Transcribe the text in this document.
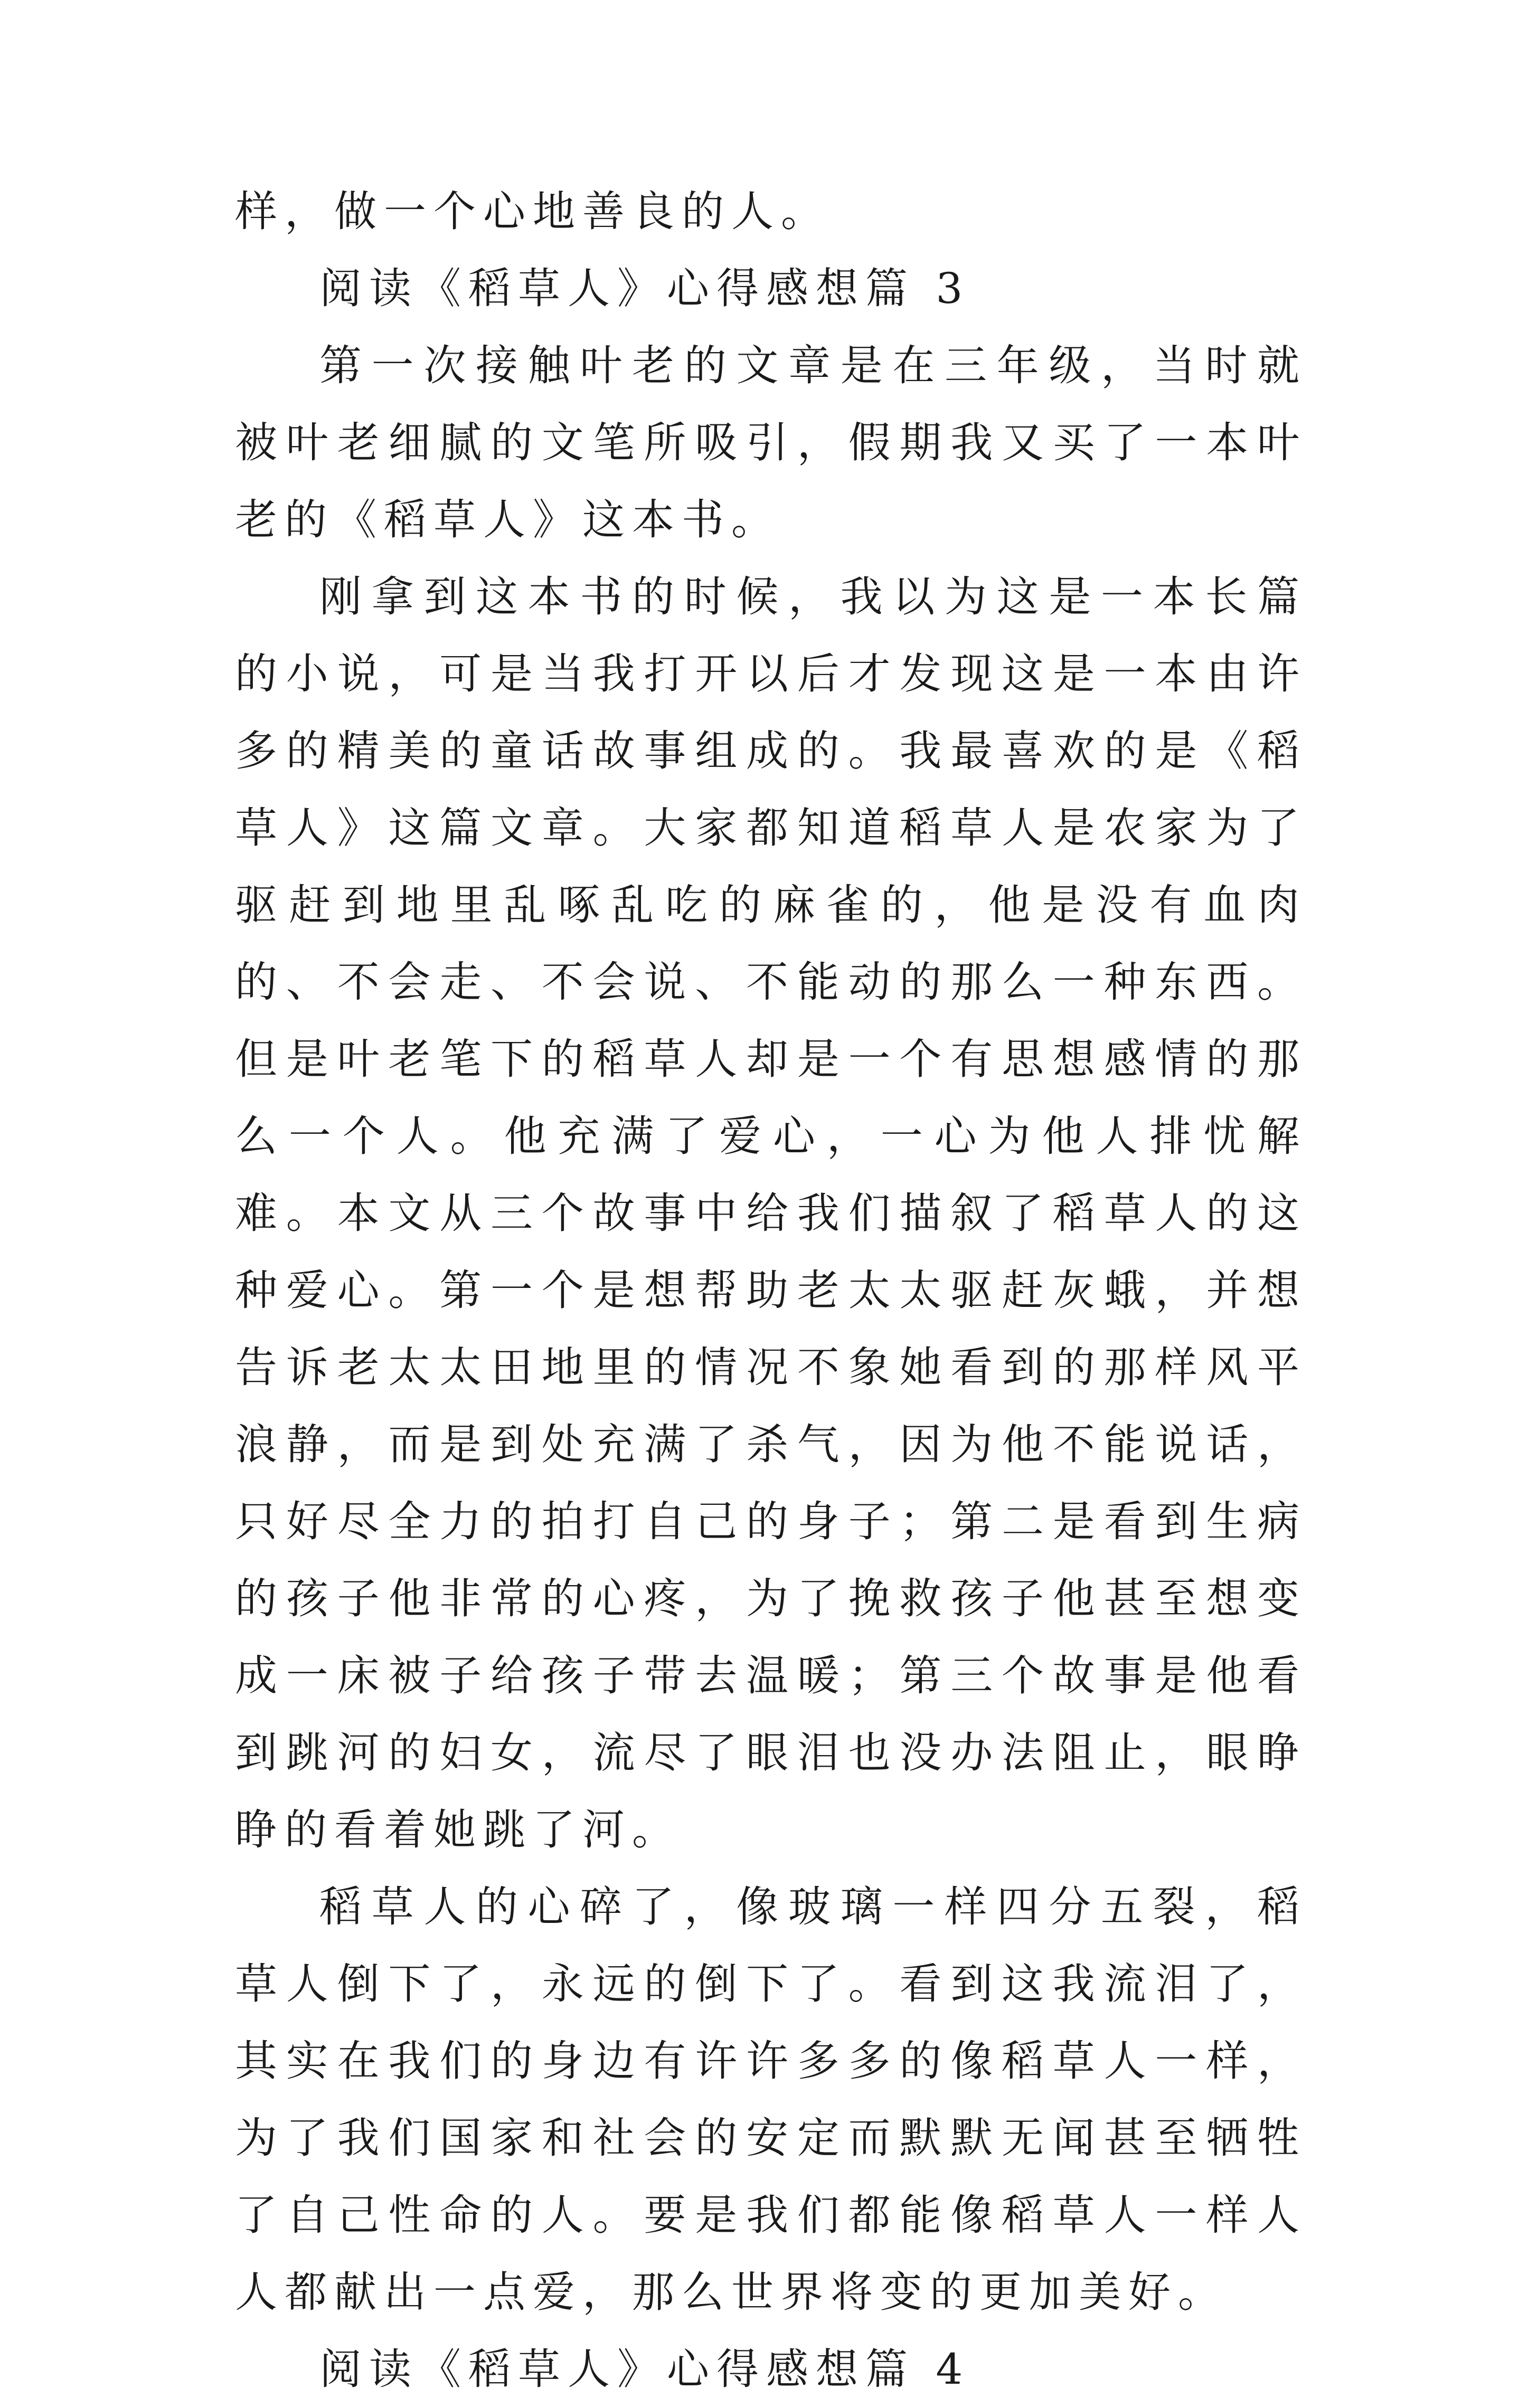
样，做一个心地善良的人。

阅读《稻草人》心得感想篇 3

第一次接触叶老的文章是在三年级，当时就被叶老细腻的文笔所吸引，假期我又买了一本叶老的《稻草人》这本书。

刚拿到这本书的时候，我以为这是一本长篇的小说，可是当我打开以后才发现这是一本由许多的精美的童话故事组成的。我最喜欢的是《稻草人》这篇文章。大家都知道稻草人是农家为了驱赶到地里乱啄乱吃的麻雀的，他是没有血肉的、不会走、不会说、不能动的那么一种东西。但是叶老笔下的稻草人却是一个有思想感情的那么一个人。他充满了爱心，一心为他人排忧解难。本文从三个故事中给我们描叙了稻草人的这种爱心。第一个是想帮助老太太驱赶灰蛾，并想告诉老太太田地里的情况不象她看到的那样风平浪静，而是到处充满了杀气，因为他不能说话，只好尽全力的拍打自己的身子；第二是看到生病的孩子他非常的心疼，为了挽救孩子他甚至想变成一床被子给孩子带去温暖；第三个故事是他看到跳河的妇女，流尽了眼泪也没办法阻止，眼睁睁的看着她跳了河。

稻草人的心碎了，像玻璃一样四分五裂，稻草人倒下了，永远的倒下了。看到这我流泪了，其实在我们的身边有许许多多的像稻草人一样，为了我们国家和社会的安定而默默无闻甚至牺牲了自己性命的人。要是我们都能像稻草人一样人人都献出一点爱，那么世界将变的更加美好。

阅读《稻草人》心得感想篇 4
